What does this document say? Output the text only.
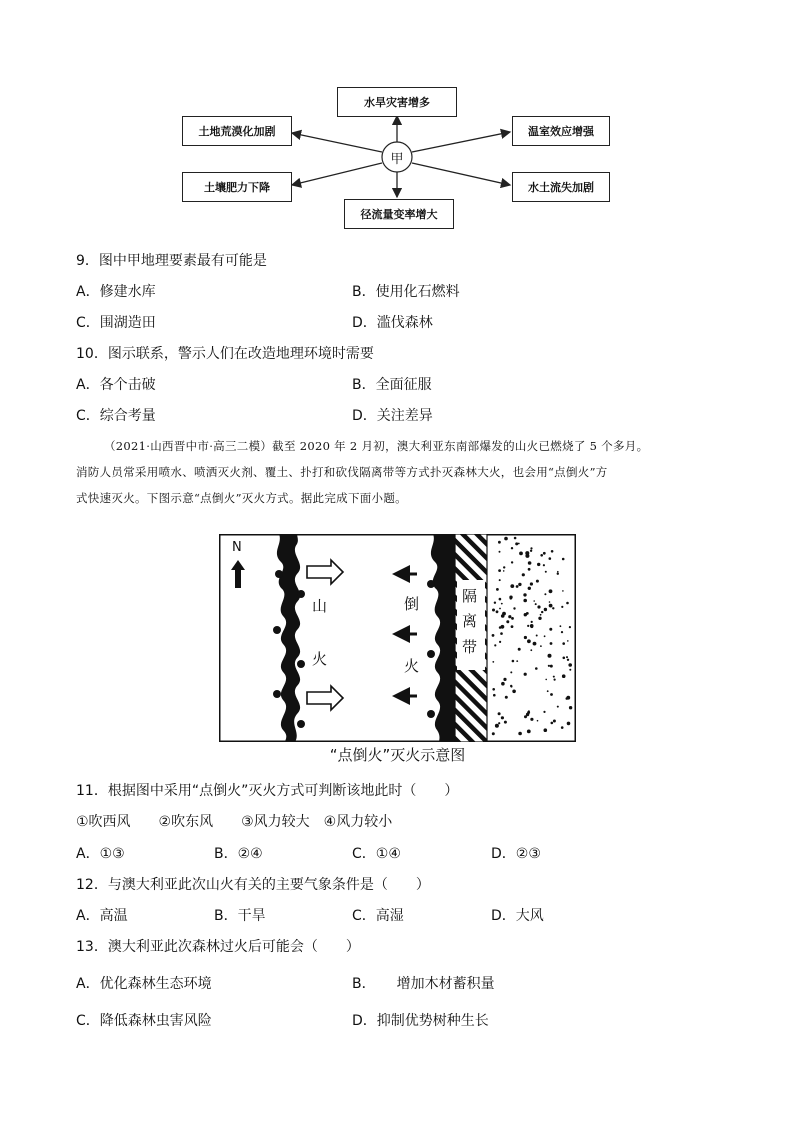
甲
水旱灾害增多
土地荒漠化加剧
土壤肥力下降
径流量变率增大
温室效应增强
水土流失加剧
9．图中甲地理要素最有可能是
A．修建水库	B．使用化石燃料
C．围湖造田	D．滥伐森林
10．图示联系，警示人们在改造地理环境时需要
A．各个击破	B．全面征服
C．综合考量	D．关注差异
（2021·山西晋中市·高三二模）截至 2020 年 2 月初，澳大利亚东南部爆发的山火已燃烧了 5 个多月。
消防人员常采用喷水、喷洒灭火剂、覆土、扑打和砍伐隔离带等方式扑灭森林大火，也会用“点倒火”方
式快速灭火。下图示意“点倒火”灭火方式。据此完成下面小题。
N
山
火
倒
火
隔
离
带
“点倒火”灭火示意图
11．根据图中采用“点倒火”灭火方式可判断该地此时（　　）
①吹西风　　②吹东风　　③风力较大　④风力较小
A．①③	B．②④	C．①④	D．②③
12．与澳大利亚此次山火有关的主要气象条件是（　　）
A．高温	B．干旱	C．高湿	D．大风
13．澳大利亚此次森林过火后可能会（　　）
A．优化森林生态环境	B．　　增加木材蓄积量
C．降低森林虫害风险	D．抑制优势树种生长
